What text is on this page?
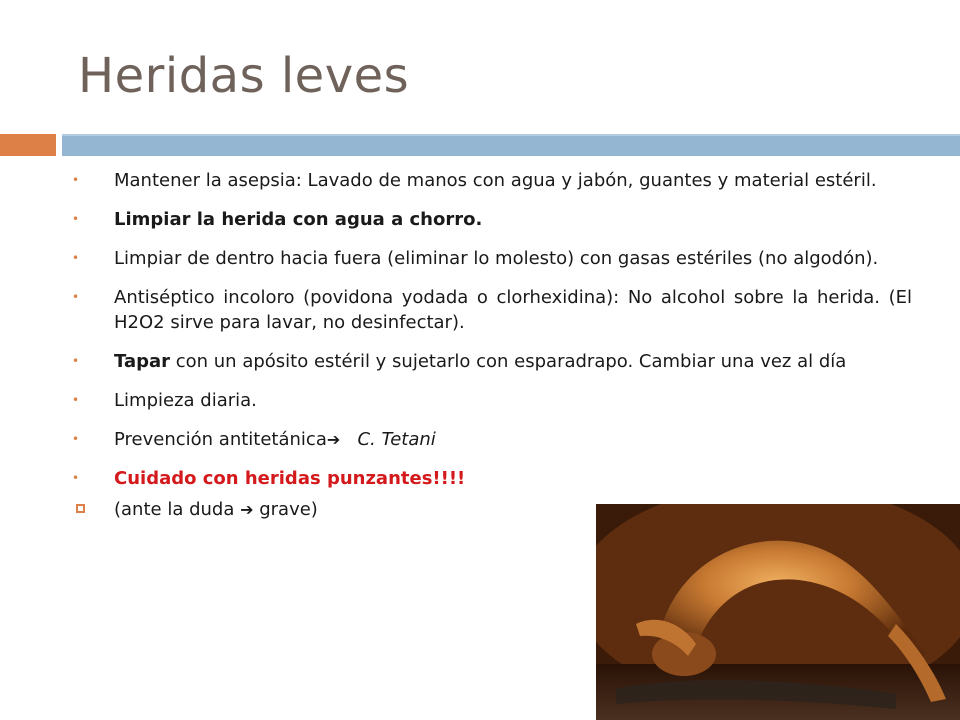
Heridas leves
• Mantener la asepsia: Lavado de manos con agua y jabón, guantes y material estéril.
• Limpiar la herida con agua a chorro.
• Limpiar de dentro hacia fuera (eliminar lo molesto) con gasas estériles (no algodón).
• Antiséptico incoloro (povidona yodada o clorhexidina): No alcohol sobre la herida. (El H2O2 sirve para lavar, no desinfectar).
• Tapar con un apósito estéril y sujetarlo con esparadrapo. Cambiar una vez al día
• Limpieza diaria.
• Prevención antitetánica➔ C. Tetani
• Cuidado con heridas punzantes!!!!
(ante la duda ➔ grave)
